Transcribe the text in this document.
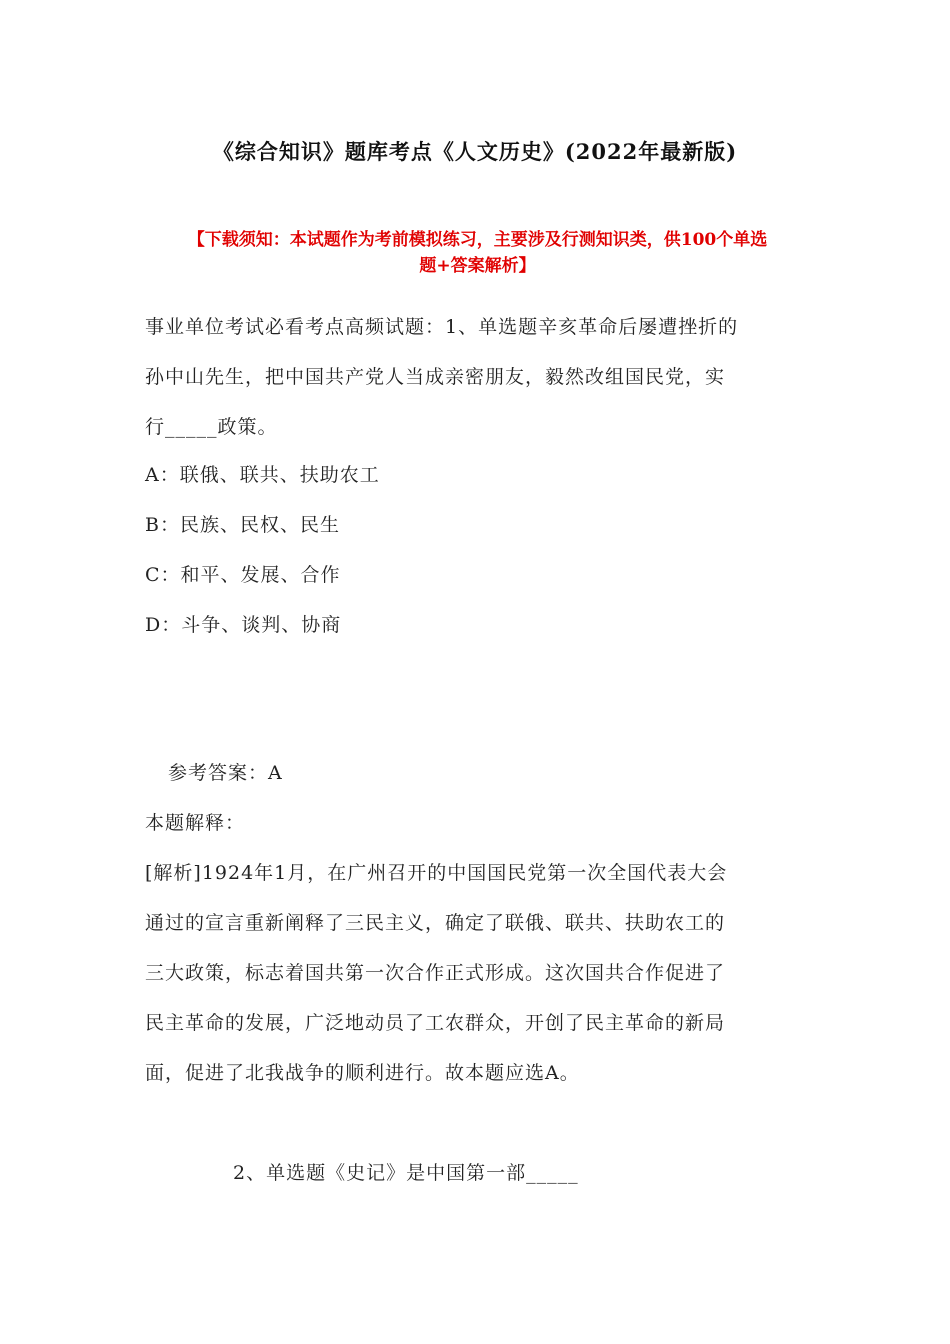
《综合知识》题库考点《人文历史》(2022年最新版)
【下载须知：本试题作为考前模拟练习，主要涉及行测知识类，供100个单选
题+答案解析】
事业单位考试必看考点高频试题：1、单选题辛亥革命后屡遭挫折的
孙中山先生，把中国共产党人当成亲密朋友，毅然改组国民党，实
行_____政策。
A：联俄、联共、扶助农工
B：民族、民权、民生
C：和平、发展、合作
D：斗争、谈判、协商
参考答案：A
本题解释：
[解析]1924年1月，在广州召开的中国国民党第一次全国代表大会
通过的宣言重新阐释了三民主义，确定了联俄、联共、扶助农工的
三大政策，标志着国共第一次合作正式形成。这次国共合作促进了
民主革命的发展，广泛地动员了工农群众，开创了民主革命的新局
面，促进了北我战争的顺利进行。故本题应选A。
2、单选题《史记》是中国第一部_____
